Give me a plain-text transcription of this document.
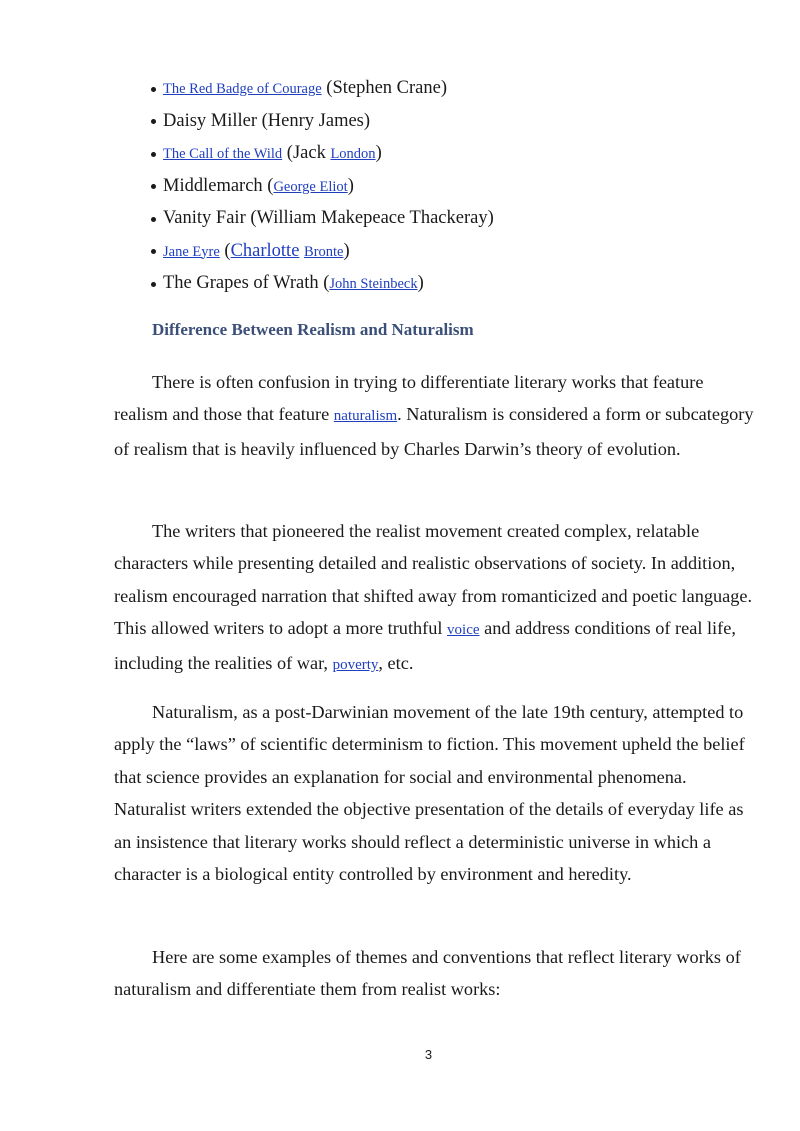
The Red Badge of Courage (Stephen Crane)
Daisy Miller (Henry James)
The Call of the Wild (Jack London)
Middlemarch (George Eliot)
Vanity Fair (William Makepeace Thackeray)
Jane Eyre (Charlotte Bronte)
The Grapes of Wrath (John Steinbeck)
Difference Between Realism and Naturalism

There is often confusion in trying to differentiate literary works that feature realism and those that feature naturalism. Naturalism is considered a form or subcategory of realism that is heavily influenced by Charles Darwin’s theory of evolution.

The writers that pioneered the realist movement created complex, relatable characters while presenting detailed and realistic observations of society. In addition, realism encouraged narration that shifted away from romanticized and poetic language. This allowed writers to adopt a more truthful voice and address conditions of real life, including the realities of war, poverty, etc.

Naturalism, as a post-Darwinian movement of the late 19th century, attempted to apply the “laws” of scientific determinism to fiction. This movement upheld the belief that science provides an explanation for social and environmental phenomena. Naturalist writers extended the objective presentation of the details of everyday life as an insistence that literary works should reflect a deterministic universe in which a character is a biological entity controlled by environment and heredity.

Here are some examples of themes and conventions that reflect literary works of naturalism and differentiate them from realist works:

3
